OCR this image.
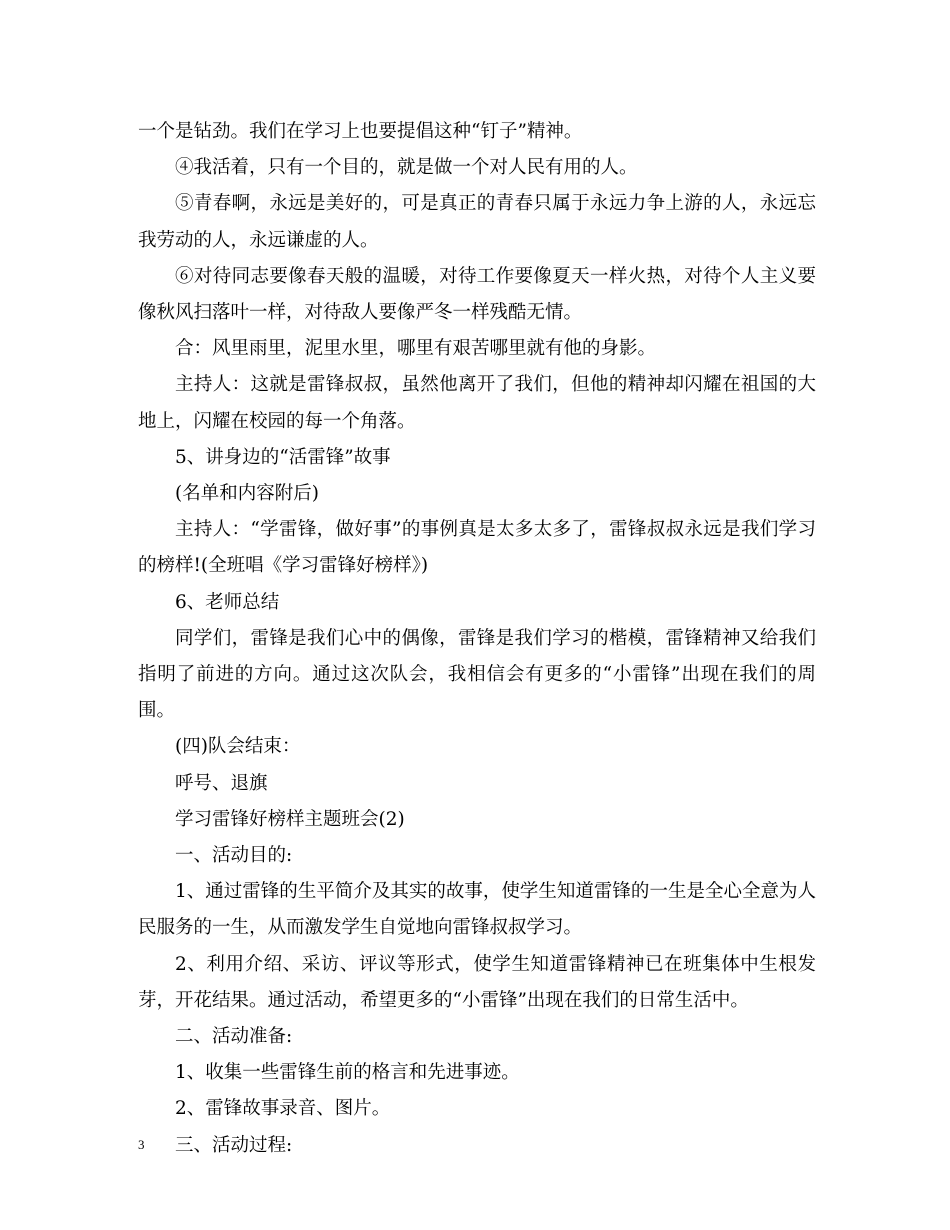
一个是钻劲。我们在学习上也要提倡这种“钉子”精神。

④我活着，只有一个目的，就是做一个对人民有用的人。

⑤青春啊，永远是美好的，可是真正的青春只属于永远力争上游的人，永远忘我劳动的人，永远谦虚的人。

⑥对待同志要像春天般的温暖，对待工作要像夏天一样火热，对待个人主义要像秋风扫落叶一样，对待敌人要像严冬一样残酷无情。

合：风里雨里，泥里水里，哪里有艰苦哪里就有他的身影。

主持人：这就是雷锋叔叔，虽然他离开了我们，但他的精神却闪耀在祖国的大地上，闪耀在校园的每一个角落。

5、讲身边的“活雷锋”故事

(名单和内容附后)

主持人：“学雷锋，做好事”的事例真是太多太多了，雷锋叔叔永远是我们学习的榜样!(全班唱《学习雷锋好榜样》)

6、老师总结

同学们，雷锋是我们心中的偶像，雷锋是我们学习的楷模，雷锋精神又给我们指明了前进的方向。通过这次队会，我相信会有更多的“小雷锋”出现在我们的周围。

(四)队会结束：

呼号、退旗

学习雷锋好榜样主题班会(2)

一、活动目的:

1、通过雷锋的生平简介及其实的故事，使学生知道雷锋的一生是全心全意为人民服务的一生，从而激发学生自觉地向雷锋叔叔学习。

2、利用介绍、采访、评议等形式，使学生知道雷锋精神已在班集体中生根发芽，开花结果。通过活动，希望更多的“小雷锋”出现在我们的日常生活中。

二、活动准备:

1、收集一些雷锋生前的格言和先进事迹。

2、雷锋故事录音、图片。

三、活动过程:

3
